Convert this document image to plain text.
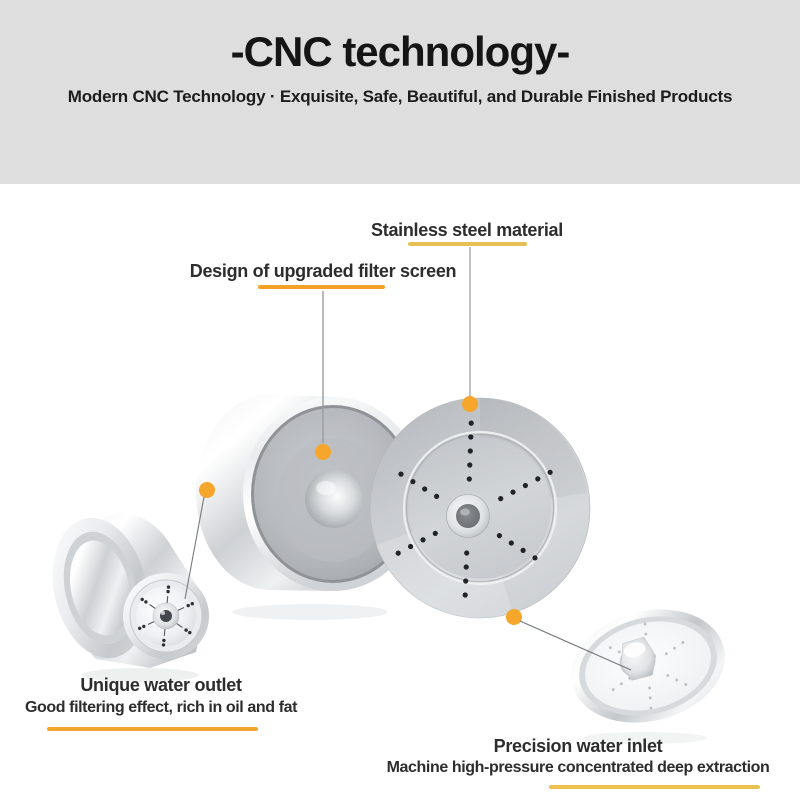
-CNC technology-

Modern CNC Technology · Exquisite, Safe, Beautiful, and Durable Finished Products

Stainless steel material
Design of upgraded filter screen
Unique water outlet
Good filtering effect, rich in oil and fat
Precision water inlet
Machine high-pressure concentrated deep extraction
